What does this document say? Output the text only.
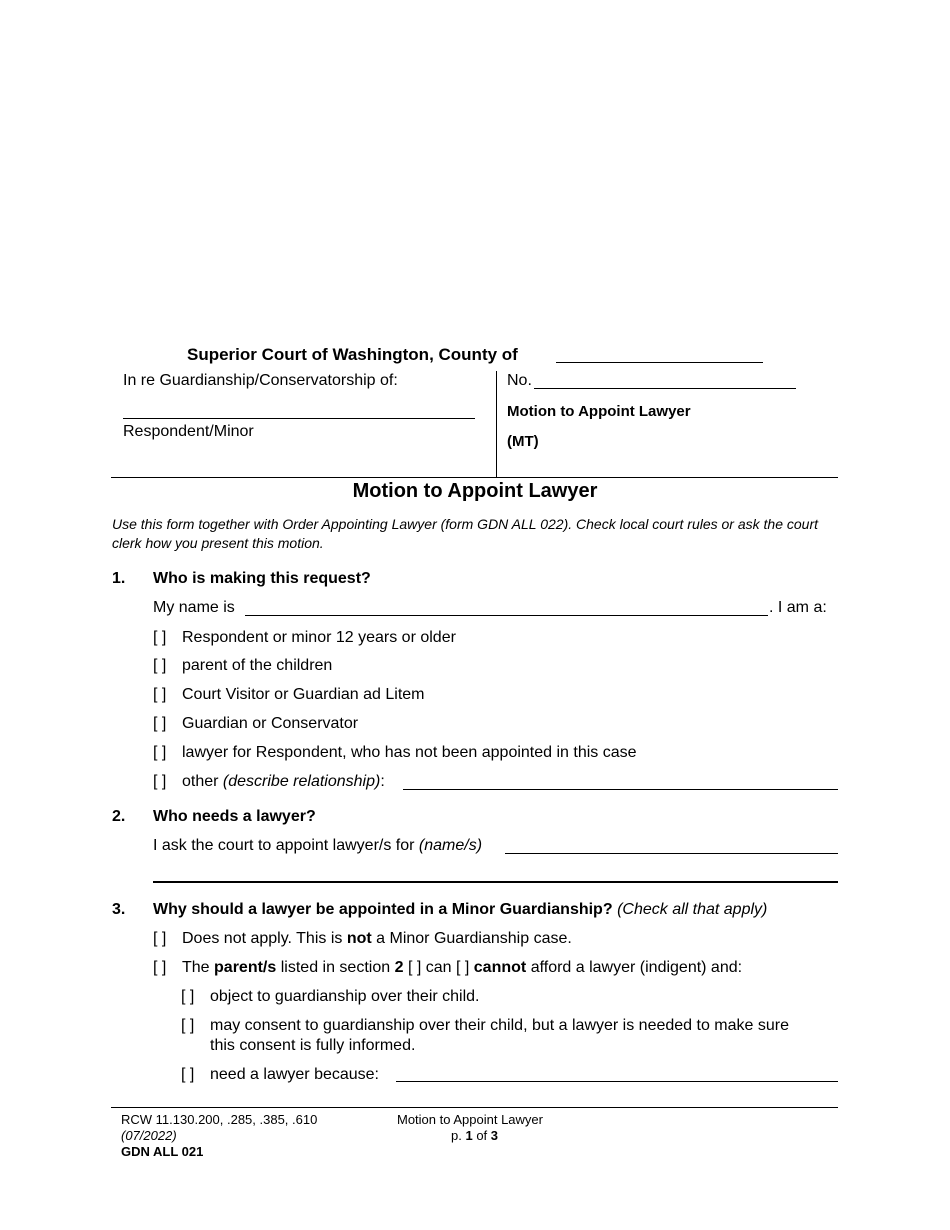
Superior Court of Washington, County of
In re Guardianship/Conservatorship of:
Respondent/Minor
No.
Motion to Appoint Lawyer
(MT)
Motion to Appoint Lawyer
Use this form together with Order Appointing Lawyer (form GDN ALL 022). Check local court rules or ask the court clerk how you present this motion.
1. Who is making this request?
My name is	. I am a:
[ ] Respondent or minor 12 years or older
[ ] parent of the children
[ ] Court Visitor or Guardian ad Litem
[ ] Guardian or Conservator
[ ] lawyer for Respondent, who has not been appointed in this case
[ ] other (describe relationship):
2. Who needs a lawyer?
I ask the court to appoint lawyer/s for (name/s)
3. Why should a lawyer be appointed in a Minor Guardianship? (Check all that apply)
[ ] Does not apply. This is not a Minor Guardianship case.
[ ] The parent/s listed in section 2 [ ] can [ ] cannot afford a lawyer (indigent) and:
[ ] object to guardianship over their child.
[ ] may consent to guardianship over their child, but a lawyer is needed to make sure
this consent is fully informed.
[ ] need a lawyer because:
RCW 11.130.200, .285, .385, .610
(07/2022)
GDN ALL 021
Motion to Appoint Lawyer
p. 1 of 3
